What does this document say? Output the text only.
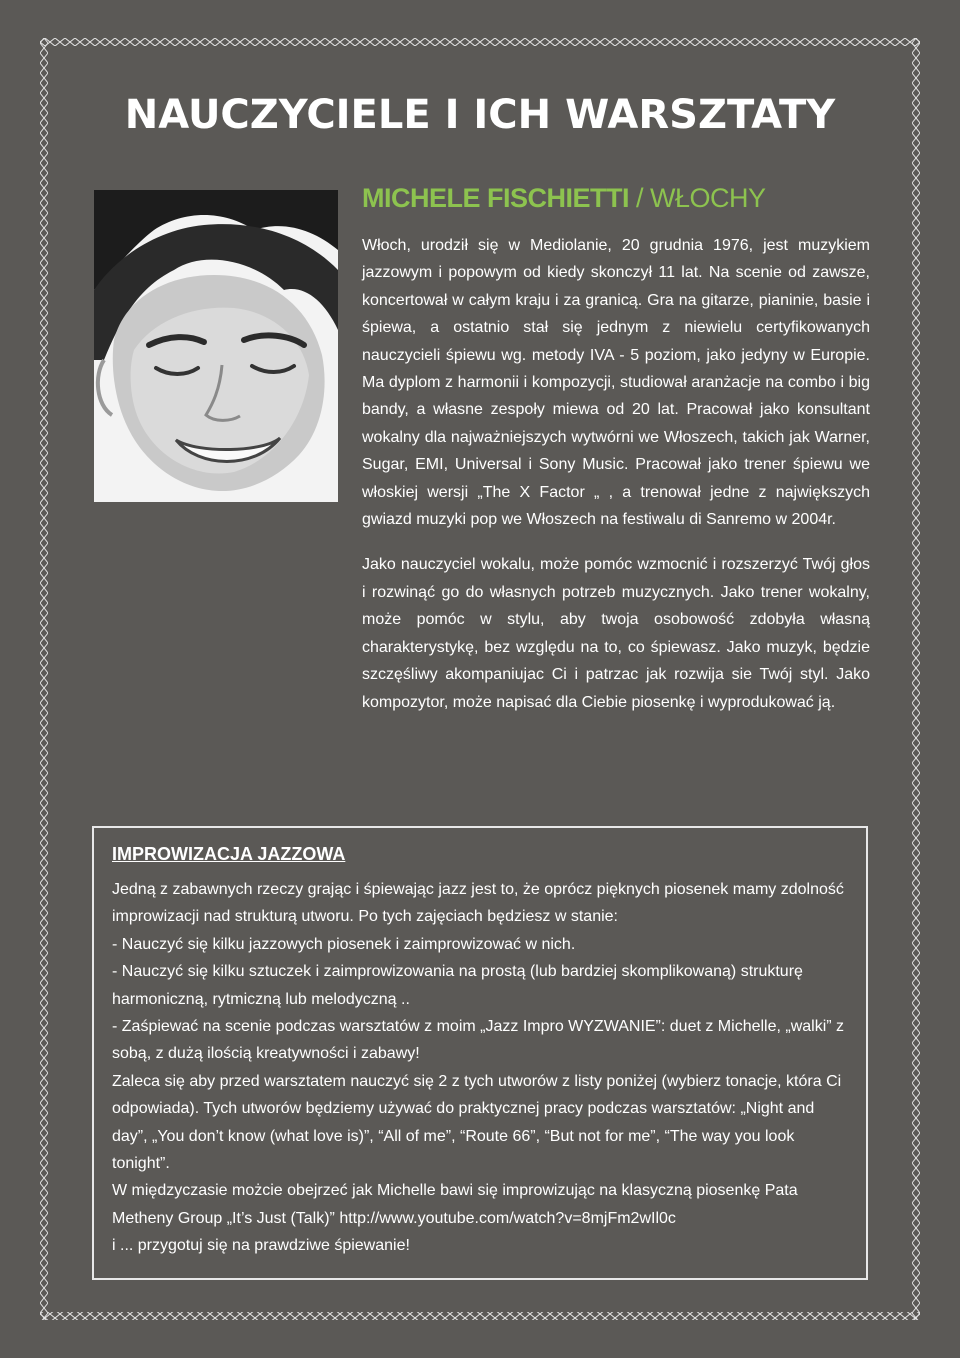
NAUCZYCIELE I ICH WARSZTATY
MICHELE FISCHIETTI / WŁOCHY

Włoch, urodził się w Mediolanie, 20 grudnia 1976, jest muzykiem jazzowym i popowym od kiedy skonczył 11 lat. Na scenie od zawsze, koncertował w całym kraju i za granicą. Gra na gitarze, pianinie, basie i śpiewa, a ostatnio stał się jednym z niewielu certyfikowanych nauczycieli śpiewu wg. metody IVA - 5 poziom, jako jedyny w Europie. Ma dyplom z harmonii i kompozycji, studiował aranżacje na combo i big bandy, a własne zespoły miewa od 20 lat. Pracował jako konsultant wokalny dla najważniejszych wytwórni we Włoszech, takich jak Warner, Sugar, EMI, Universal i Sony Music. Pracował jako trener śpiewu we włoskiej wersji „The X Factor „ , a trenował jedne z największych gwiazd muzyki pop we Włoszech na festiwalu di Sanremo w 2004r.

Jako nauczyciel wokalu, może pomóc wzmocnić i rozszerzyć Twój głos i rozwinąć go do własnych potrzeb muzycznych. Jako trener wokalny, może pomóc w stylu, aby twoja osobowość zdobyła własną charakterystykę, bez względu na to, co śpiewasz. Jako muzyk, będzie szczęśliwy akompaniujac Ci i patrzac jak rozwija sie Twój styl. Jako kompozytor, może napisać dla Ciebie piosenkę i wyprodukować ją.

IMPROWIZACJA JAZZOWA

Jedną z zabawnych rzeczy grając i śpiewając jazz jest to, że oprócz pięknych piosenek mamy zdolność improwizacji nad strukturą utworu. Po tych zajęciach będziesz w stanie:

- Nauczyć się kilku jazzowych piosenek i zaimprowizować w nich.

- Nauczyć się kilku sztuczek i zaimprowizowania na prostą (lub bardziej skomplikowaną) strukturę harmoniczną, rytmiczną lub melodyczną ..

- Zaśpiewać na scenie podczas warsztatów z moim „Jazz Impro WYZWANIE”: duet z Michelle, „walki” z sobą, z dużą ilością kreatywności i zabawy!

Zaleca się aby przed warsztatem nauczyć się 2 z tych utworów z listy poniżej (wybierz tonacje, która Ci odpowiada). Tych utworów będziemy używać do praktycznej pracy podczas warsztatów: „Night and day”, „You don’t know (what love is)”, “All of me”, “Route 66”, “But not for me”, “The way you look tonight”.

W międzyczasie możcie obejrzeć jak Michelle bawi się improwizując na klasyczną piosenkę Pata Metheny Group „It’s Just (Talk)” http://www.youtube.com/watch?v=8mjFm2wIl0c

i ... przygotuj się na prawdziwe śpiewanie!
